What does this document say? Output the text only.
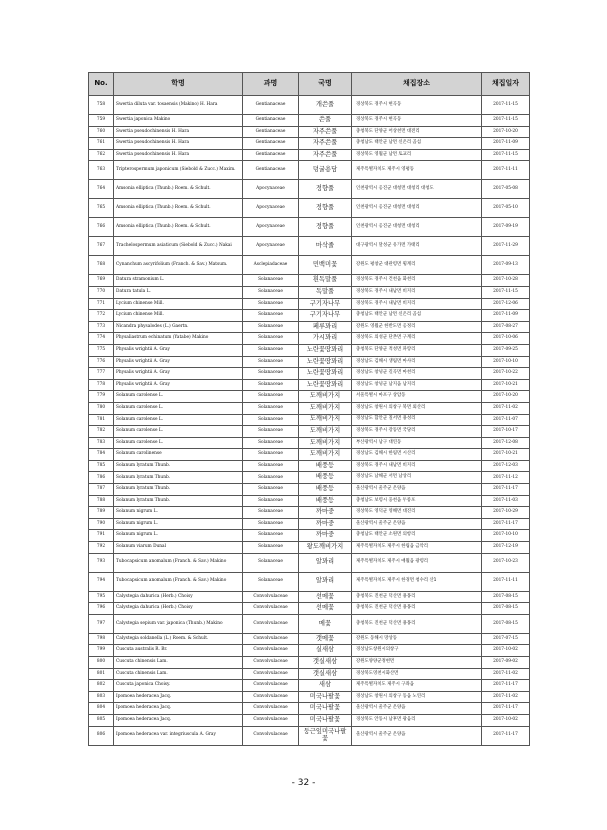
No.	학명	과명	국명	채집장소	채집일자
758	Swertia diluta var. tosaensis (Makino) H. Hara	Gentianaceae	개쓴풀	경상북도 경주시 현곡동	2017-11-15
759	Swertia japonica Makino	Gentianaceae	쓴풀	경상북도 경주시 현곡동	2017-11-15
760	Swertia pseudochinensis H. Hara	Gentianaceae	자주쓴풀	충청북도 단양군 어상천면 대전리	2017-10-20
761	Swertia pseudochinensis H. Hara	Gentianaceae	자주쓴풀	충청남도 태안군 남면 신온리 곰섬	2017-11-09
762	Swertia pseudochinensis H. Hara	Gentianaceae	자주쓴풀	경상북도 영월군 남면 토교리	2017-11-15
763	Tripterospermum japonicum (Siebold & Zucc.) Maxim.	Gentianaceae	덩굴용담	제주특별자치도 제주시 영평동	2017-11-11
764	Amsonia elliptica (Thunb.) Roem. & Schult.	Apocynaceae	정향풀	인천광역시 옹진군 대청면 대청리 대청도	2017-05-08
765	Amsonia elliptica (Thunb.) Roem. & Schult.	Apocynaceae	정향풀	인천광역시 옹진군 대청면 대청리	2017-05-10
766	Amsonia elliptica (Thunb.) Roem. & Schult.	Apocynaceae	정향풀	인천광역시 옹진군 대청면 대청리	2017-09-19
767	Trachelospermum asiaticum (Siebold & Zucc.) Nakai	Apocynaceae	마삭줄	대구광역시 달성군 유가면 가태리	2017-11-29
768	Cynanchum ascyrifolium (Franch. & Sav.) Matsum.	Asclepiadaceae	민백미꽃	강원도 평창군 대관령면 횡계리	2017-09-13
769	Datura stramonium L.	Solanaceae	흰독말풀	경상북도 경주시 건천읍 화천리	2017-10-28
770	Datura tatula L.	Solanaceae	독말풀	경상북도 경주시 내남면 비지리	2017-11-15
771	Lycium chinense Mill.	Solanaceae	구기자나무	경상북도 경주시 내남면 비지리	2017-12-06
772	Lycium chinense Mill.	Solanaceae	구기자나무	충청남도 태안군 남면 신온리 곰섬	2017-11-09
773	Nicandra physalodes (L.) Gaertn.	Solanaceae	페루꽈리	강원도 영월군 한반도면 옹정리	2017-08-27
774	Physaliastrum echinatum (Yatabe) Makino	Solanaceae	가시꽈리	경상북도 의성군 단촌면 구계리	2017-10-06
775	Physalis wrightii A. Gray	Solanaceae	노란꽃땅꽈리	충청북도 단양군 적성면 파랑리	2017-09-25
776	Physalis wrightii A. Gray	Solanaceae	노란꽃땅꽈리	경상남도 김해시 생림면 마사리	2017-10-10
777	Physalis wrightii A. Gray	Solanaceae	노란꽃땅꽈리	경상남도 창녕군 길곡면 마천리	2017-10-22
778	Physalis wrightii A. Gray	Solanaceae	노란꽃땅꽈리	경상남도 창녕군 남지읍 남지리	2017-10-21
779	Solanum carolense L.	Solanaceae	도깨비가지	서울특별시 마포구 상암동	2017-10-20
780	Solanum carolense L.	Solanaceae	도깨비가지	경상남도 창원시 의창구 북면 외산리	2017-11-02
781	Solanum carolense L.	Solanaceae	도깨비가지	경상남도 함안군 칠서면 용성리	2017-11-07
782	Solanum carolense L.	Solanaceae	도깨비가지	경상북도 경주시 강동면 국당리	2017-10-17
783	Solanum carolense L.	Solanaceae	도깨비가지	부산광역시 남구 대연동	2017-12-08
784	Solanum carolinense	Solanaceae	도깨비가지	경상남도 김해시 한림면 시산리	2017-10-21
785	Solanum lyratum Thunb.	Solanaceae	배풍등	경상북도 경주시 내남면 비지리	2017-12-03
786	Solanum lyratum Thunb.	Solanaceae	배풍등	경상남도 남해군 서면 남상리	2017-11-12
787	Solanum lyratum Thunb.	Solanaceae	배풍등	울산광역시 울주군 온양읍	2017-11-17
788	Solanum lyratum Thunb.	Solanaceae	배풍등	충청남도 보령시 웅천읍 두룡포	2017-11-03
789	Solanum nigrum L.	Solanaceae	까마중	경상북도 영덕군 영해면 대진리	2017-10-29
790	Solanum nigrum L.	Solanaceae	까마중	울산광역시 울주군 온양읍	2017-11-17
791	Solanum nigrum L.	Solanaceae	까마중	충청남도 태안군 소원면 의항리	2017-10-10
792	Solanum viarum Dunal	Solanaceae	왕도깨비가지	제주특별자치도 제주시 한림읍 금악리	2017-12-19
793	Tubocapsicum anomalum (Franch. & Sav.) Makino	Solanaceae	알꽈리	제주특별자치도 제주시 애월읍 광령리	2017-10-23
794	Tubocapsicum anomalum (Franch. & Sav.) Makino	Solanaceae	알꽈리	제주특별자치도 제주시 한경면 청수리 산1	2017-11-11
795	Calystegia dahurica (Herb.) Choisy	Convolvulaceae	선메꽃	충청북도 진천군 덕산면 용몽리	2017-08-15
796	Calystegia dahurica (Herb.) Choisy	Convolvulaceae	선메꽃	충청북도 진천군 덕산면 용몽리	2017-08-15
797	Calystegia sepium var. japonica (Thunb.) Makino	Convolvulaceae	메꽃	충청북도 진천군 덕산면 용몽리	2017-08-15
798	Calystegia soldanella (L.) Roem. & Schult.	Convolvulaceae	갯메꽃	강원도 동해시 망상동	2017-07-15
799	Cuscuta australis R. Br.	Convolvulaceae	실새삼	경상남도창원시의창구	2017-10-02
800	Cuscuta chinensis Lam.	Convolvulaceae	갯실새삼	강원도양양군정현면	2017-09-02
801	Cuscuta chinensis Lam.	Convolvulaceae	갯실새삼	경상북도영천시화산면	2017-11-02
802	Cuscuta japonica Choisy.	Convolvulaceae	새삼	제주특별자치도 제주시 구좌읍	2017-11-17
803	Ipomoea hederacea Jacq.	Convolvulaceae	미국나팔꽃	경상남도 창원시 의창구 동읍 노연리	2017-11-02
804	Ipomoea hederacea Jacq.	Convolvulaceae	미국나팔꽃	울산광역시 울주군 온양읍	2017-11-17
805	Ipomoea hederacea Jacq.	Convolvulaceae	미국나팔꽃	경상북도 안동시 남후면 광음리	2017-10-02
806	Ipomoea hederacea var. integriuscula A. Gray	Convolvulaceae	둥근잎미국나팔꽃	울산광역시 울주군 온양읍	2017-11-17
- 32 -
